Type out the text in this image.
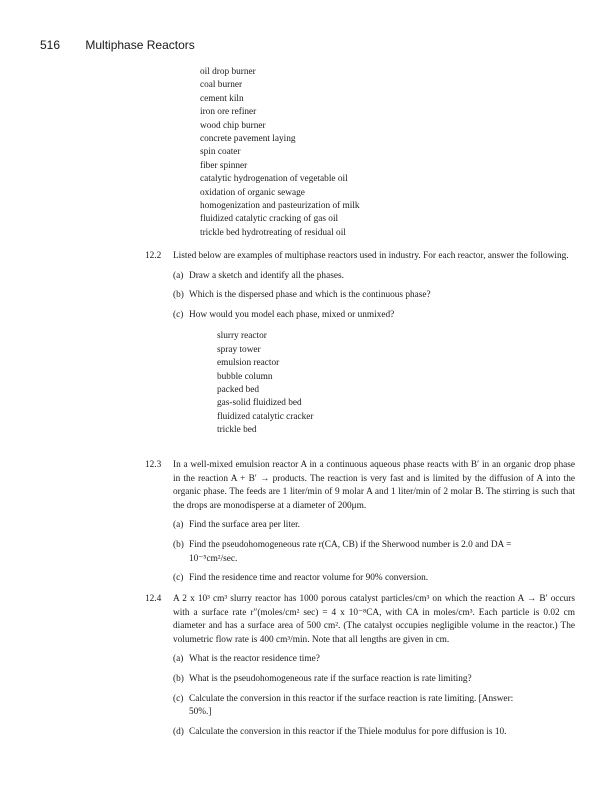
516 Multiphase Reactors
oil drop burner
coal burner
cement kiln
iron ore refiner
wood chip burner
concrete pavement laying
spin coater
fiber spinner
catalytic hydrogenation of vegetable oil
oxidation of organic sewage
homogenization and pasteurization of milk
fluidized catalytic cracking of gas oil
trickle bed hydrotreating of residual oil
12.2 Listed below are examples of multiphase reactors used in industry. For each reactor, answer the following.
(a) Draw a sketch and identify all the phases.
(b) Which is the dispersed phase and which is the continuous phase?
(c) How would you model each phase, mixed or unmixed?
slurry reactor
spray tower
emulsion reactor
bubble column
packed bed
gas-solid fluidized bed
fluidized catalytic cracker
trickle bed
12.3 In a well-mixed emulsion reactor A in a continuous aqueous phase reacts with B′ in an organic drop phase in the reaction A + B′ → products. The reaction is very fast and is limited by the diffusion of A into the organic phase. The feeds are 1 liter/min of 9 molar A and 1 liter/min of 2 molar B. The stirring is such that the drops are monodisperse at a diameter of 200μm.
(a) Find the surface area per liter.
(b) Find the pseudohomogeneous rate r(CA, CB) if the Sherwood number is 2.0 and DA =
10⁻⁵cm²/sec.
(c) Find the residence time and reactor volume for 90% conversion.
12.4 A 2 x 10³ cm³ slurry reactor has 1000 porous catalyst particles/cm³ on which the reaction A → B′ occurs with a surface rate r″(moles/cm² sec) = 4 x 10⁻⁸CA, with CA in moles/cm³. Each particle is 0.02 cm diameter and has a surface area of 500 cm². (The catalyst occupies negligible volume in the reactor.) The volumetric flow rate is 400 cm³/min. Note that all lengths are given in cm.
(a) What is the reactor residence time?
(b) What is the pseudohomogeneous rate if the surface reaction is rate limiting?
(c) Calculate the conversion in this reactor if the surface reaction is rate limiting. [Answer:
50%.]
(d) Calculate the conversion in this reactor if the Thiele modulus for pore diffusion is 10.
